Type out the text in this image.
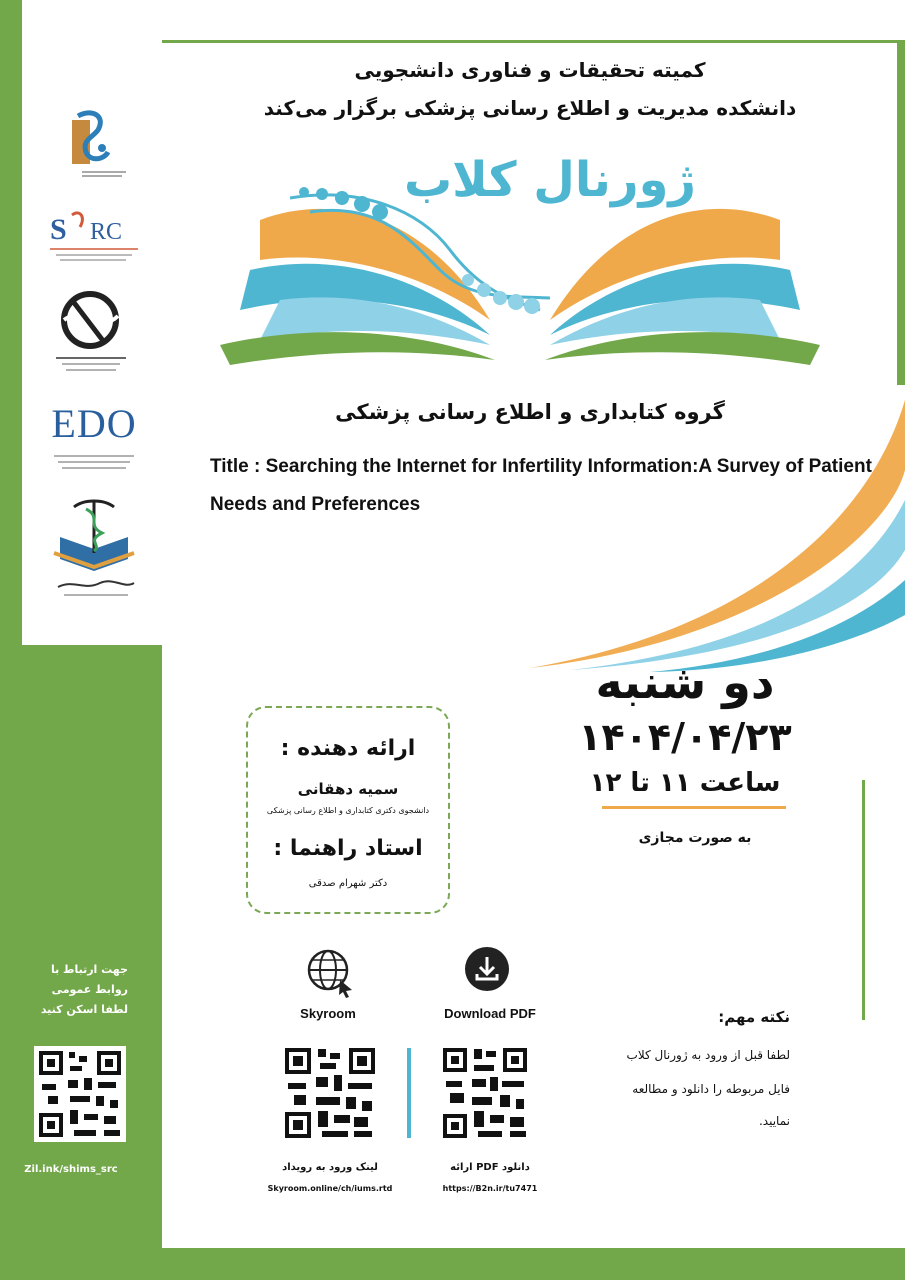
S RC
EDO
جهت ارتباط با
روابط عمومی
لطفا اسکن کنید
Zil.ink/shims_src
کمیته تحقیقات و فناوری دانشجویی
دانشکده مدیریت و اطلاع رسانی پزشکی برگزار می‌کند
ژورنال کلاب
گروه کتابداری و اطلاع رسانی پزشکی
Title : Searching the Internet for Infertility Information:A Survey of Patient Needs and Preferences
دو شنبه
۱۴۰۴/۰۴/۲۳
ساعت ۱۱ تا ۱۲
به صورت مجازی
ارائه دهنده :
سمیه دهقانی
دانشجوی دکتری کتابداری و اطلاع رسانی پزشکی
استاد راهنما :
دکتر شهرام صدقی
Skyroom	Download PDF
لینک ورود به رویداد
Skyroom.online/ch/iums.rtd
دانلود PDF ارائه
https://B2n.ir/tu7471
نکته مهم:
لطفا قبل از ورود به ژورنال کلاب
فایل مربوطه را دانلود و مطالعه
نمایید.
